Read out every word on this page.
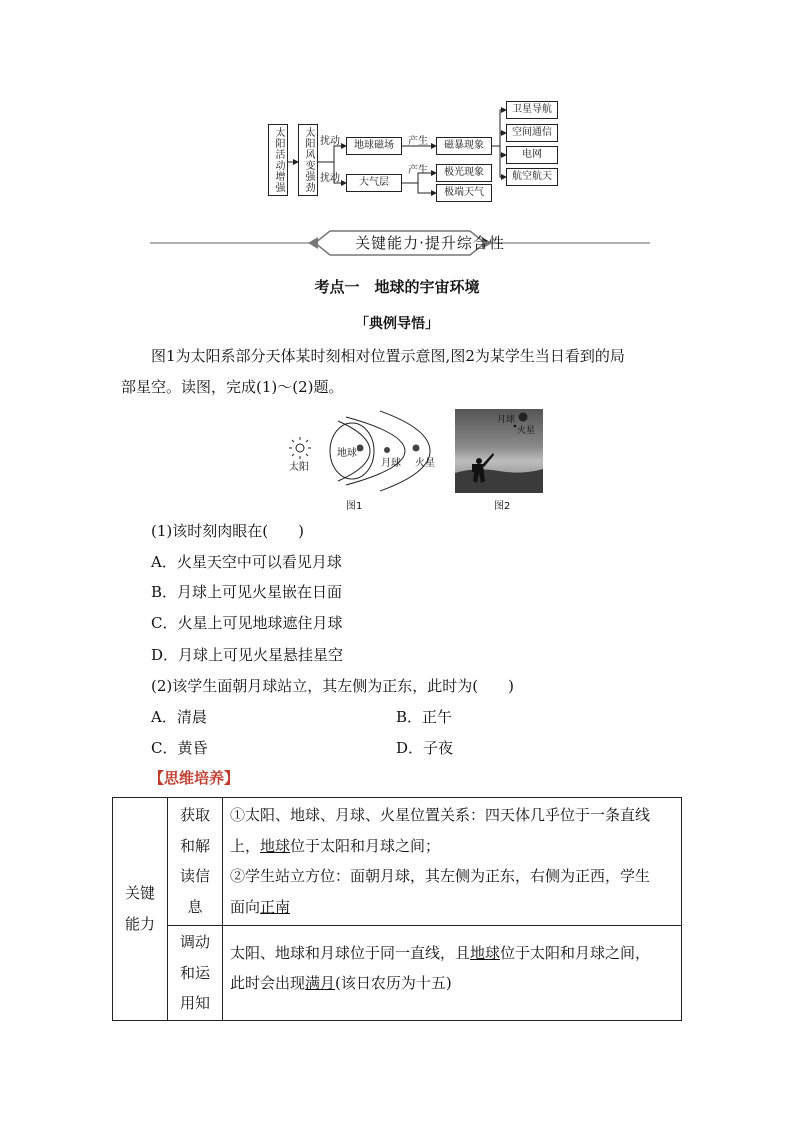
太阳活动增强	太阳风变强劲 扰动
扰动
地球磁场
大气层
产生
产生
磁暴现象
极光现象
极端天气
卫星导航
空间通信
电网
航空航天
关键能力·提升综合性
考点一　地球的宇宙环境
「典例导悟」
图1为太阳系部分天体某时刻相对位置示意图,图2为某学生当日看到的局
部星空。读图，完成(1)～(2)题。
太阳
地球
月球 火星
图1
月球
火星
图2
(1)该时刻肉眼在(　　)
A．火星天空中可以看见月球
B．月球上可见火星嵌在日面
C．火星上可见地球遮住月球
D．月球上可见火星悬挂星空
(2)该学生面朝月球站立，其左侧为正东，此时为(　　)
A．清晨	B．正午
C．黄昏	D．子夜
【思维培养】
关键能力	获取和解读信息	①太阳、地球、月球、火星位置关系：四天体几乎位于一条直线
上，地球位于太阳和月球之间；
②学生站立方位：面朝月球，其左侧为正东，右侧为正西，学生
面向正南

	调动和运用知	太阳、地球和月球位于同一直线，且地球位于太阳和月球之间，
此时会出现满月(该日农历为十五)
